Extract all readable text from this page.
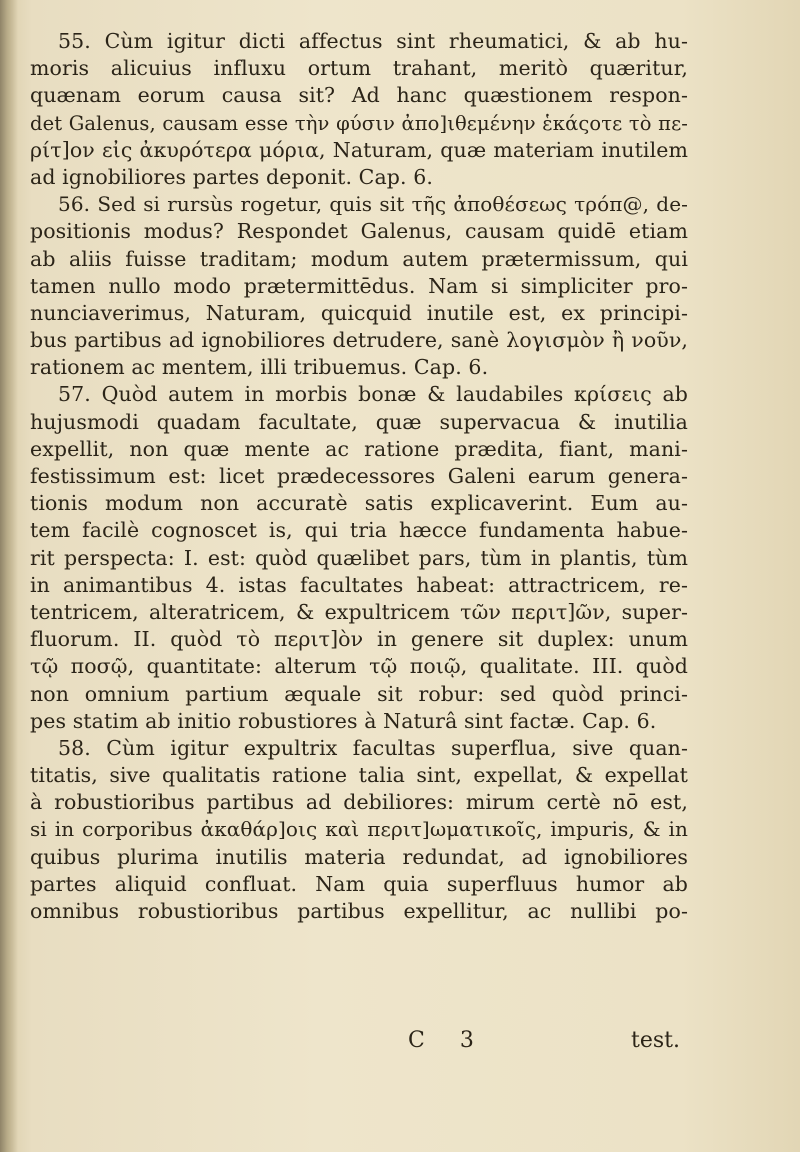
55. Cùm igitur dicti affectus sint rheumatici, & ab hu-
moris alicuius influxu ortum trahant, meritò quæritur,
quænam eorum causa sit? Ad hanc quæstionem respon-
det Galenus, causam esse τὴν φύσιν ἀπο]ιθεμένην ἑκάςοτε τὸ πε-
ρίτ]ον εἰς ἀκυρότερα μόρια, Naturam, quæ materiam inutilem
ad ignobiliores partes deponit. Cap. 6.
56. Sed si rursùs rogetur, quis sit τῆς ἀποθέσεως τρόπ@, de-
positionis modus? Respondet Galenus, causam quidē etiam
ab aliis fuisse traditam; modum autem prætermissum, qui
tamen nullo modo prætermittēdus. Nam si simpliciter pro-
nunciaverimus, Naturam, quicquid inutile est, ex principi-
bus partibus ad ignobiliores detrudere, sanè λογισμὸν ἢ νοῦν,
rationem ac mentem, illi tribuemus. Cap. 6.
57. Quòd autem in morbis bonæ & laudabiles κρίσεις ab
hujusmodi quadam facultate, quæ supervacua & inutilia
expellit, non quæ mente ac ratione prædita, fiant, mani-
festissimum est: licet prædecessores Galeni earum genera-
tionis modum non accuratè satis explicaverint. Eum au-
tem facilè cognoscet is, qui tria hæcce fundamenta habue-
rit perspecta: I. est: quòd quælibet pars, tùm in plantis, tùm
in animantibus 4. istas facultates habeat: attractricem, re-
tentricem, alteratricem, & expultricem τῶν περιτ]ῶν, super-
fluorum. II. quòd τὸ περιτ]ὸν in genere sit duplex: unum
τῷ ποσῷ, quantitate: alterum τῷ ποιῷ, qualitate. III. quòd
non omnium partium æquale sit robur: sed quòd princi-
pes statim ab initio robustiores à Naturâ sint factæ. Cap. 6.
58. Cùm igitur expultrix facultas superflua, sive quan-
titatis, sive qualitatis ratione talia sint, expellat, & expellat
à robustioribus partibus ad debiliores: mirum certè nō est,
si in corporibus ἀκαθάρ]οις καὶ περιτ]ωματικοῖς, impuris, & in
quibus plurima inutilis materia redundat, ad ignobiliores
partes aliquid confluat. Nam quia superfluus humor ab
omnibus robustioribus partibus expellitur, ac nullibi po-
C 3	test.
